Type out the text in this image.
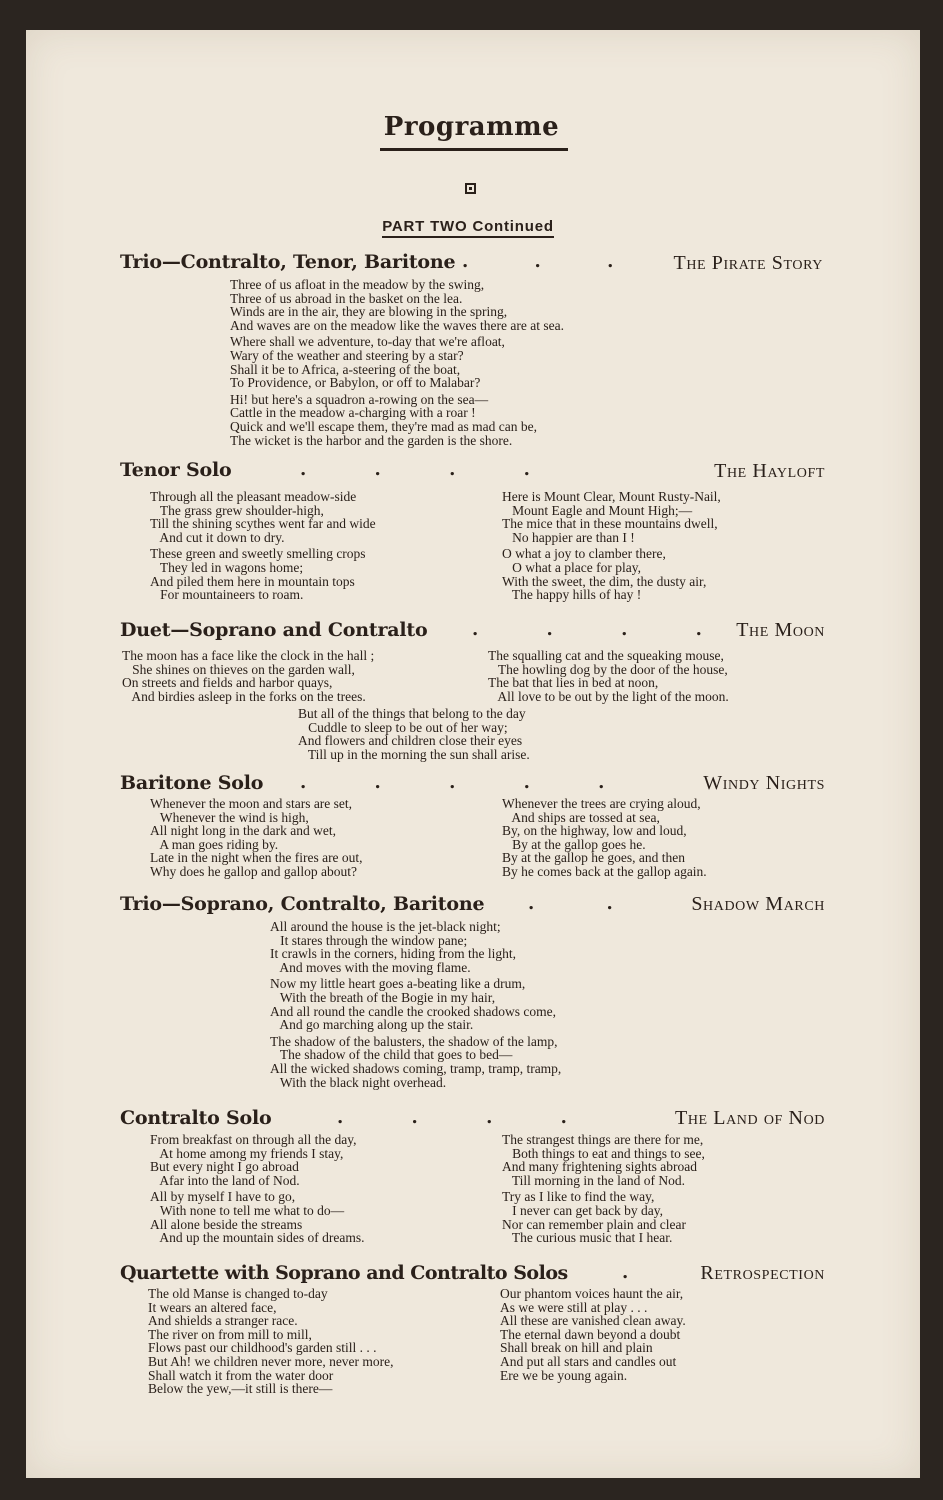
Programme
PART TWO Continued
Trio—Contralto, Tenor, Baritone . . .	The Pirate Story
Three of us afloat in the meadow by the swing,
Three of us abroad in the basket on the lea.
Winds are in the air, they are blowing in the spring,
And waves are on the meadow like the waves there are at sea.
Where shall we adventure, to-day that we're afloat,
Wary of the weather and steering by a star?
Shall it be to Africa, a-steering of the boat,
To Providence, or Babylon, or off to Malabar?
Hi! but here's a squadron a-rowing on the sea—
Cattle in the meadow a-charging with a roar !
Quick and we'll escape them, they're mad as mad can be,
The wicket is the harbor and the garden is the shore.
Tenor Solo	. . . .	The Hayloft
Through all the pleasant meadow-side
The grass grew shoulder-high,
Till the shining scythes went far and wide
And cut it down to dry.
These green and sweetly smelling crops
They led in wagons home;
And piled them here in mountain tops
For mountaineers to roam.
Here is Mount Clear, Mount Rusty-Nail,
Mount Eagle and Mount High;—
The mice that in these mountains dwell,
No happier are than I !
O what a joy to clamber there,
O what a place for play,
With the sweet, the dim, the dusty air,
The happy hills of hay !
Duet—Soprano and Contralto . . . . The Moon
The moon has a face like the clock in the hall ;
She shines on thieves on the garden wall,
On streets and fields and harbor quays,
And birdies asleep in the forks on the trees.
The squalling cat and the squeaking mouse,
The howling dog by the door of the house,
The bat that lies in bed at noon,
All love to be out by the light of the moon.
But all of the things that belong to the day
Cuddle to sleep to be out of her way;
And flowers and children close their eyes
Till up in the morning the sun shall arise.
Baritone Solo . . . . .	Windy Nights
Whenever the moon and stars are set,
Whenever the wind is high,
All night long in the dark and wet,
A man goes riding by.
Late in the night when the fires are out,
Why does he gallop and gallop about?
Whenever the trees are crying aloud,
And ships are tossed at sea,
By, on the highway, low and loud,
By at the gallop goes he.
By at the gallop he goes, and then
By he comes back at the gallop again.
Trio—Soprano, Contralto, Baritone . .	Shadow March
All around the house is the jet-black night;
It stares through the window pane;
It crawls in the corners, hiding from the light,
And moves with the moving flame.
Now my little heart goes a-beating like a drum,
With the breath of the Bogie in my hair,
And all round the candle the crooked shadows come,
And go marching along up the stair.
The shadow of the balusters, the shadow of the lamp,
The shadow of the child that goes to bed—
All the wicked shadows coming, tramp, tramp, tramp,
With the black night overhead.
Contralto Solo	. . . .	The Land of Nod
From breakfast on through all the day,
At home among my friends I stay,
But every night I go abroad
Afar into the land of Nod.
All by myself I have to go,
With none to tell me what to do—
All alone beside the streams
And up the mountain sides of dreams.
The strangest things are there for me,
Both things to eat and things to see,
And many frightening sights abroad
Till morning in the land of Nod.
Try as I like to find the way,
I never can get back by day,
Nor can remember plain and clear
The curious music that I hear.
Quartette with Soprano and Contralto Solos	.	Retrospection
The old Manse is changed to-day
It wears an altered face,
And shields a stranger race.
The river on from mill to mill,
Flows past our childhood's garden still . . .
But Ah! we children never more, never more,
Shall watch it from the water door
Below the yew,—it still is there—
Our phantom voices haunt the air,
As we were still at play . . .
All these are vanished clean away.
The eternal dawn beyond a doubt
Shall break on hill and plain
And put all stars and candles out
Ere we be young again.
